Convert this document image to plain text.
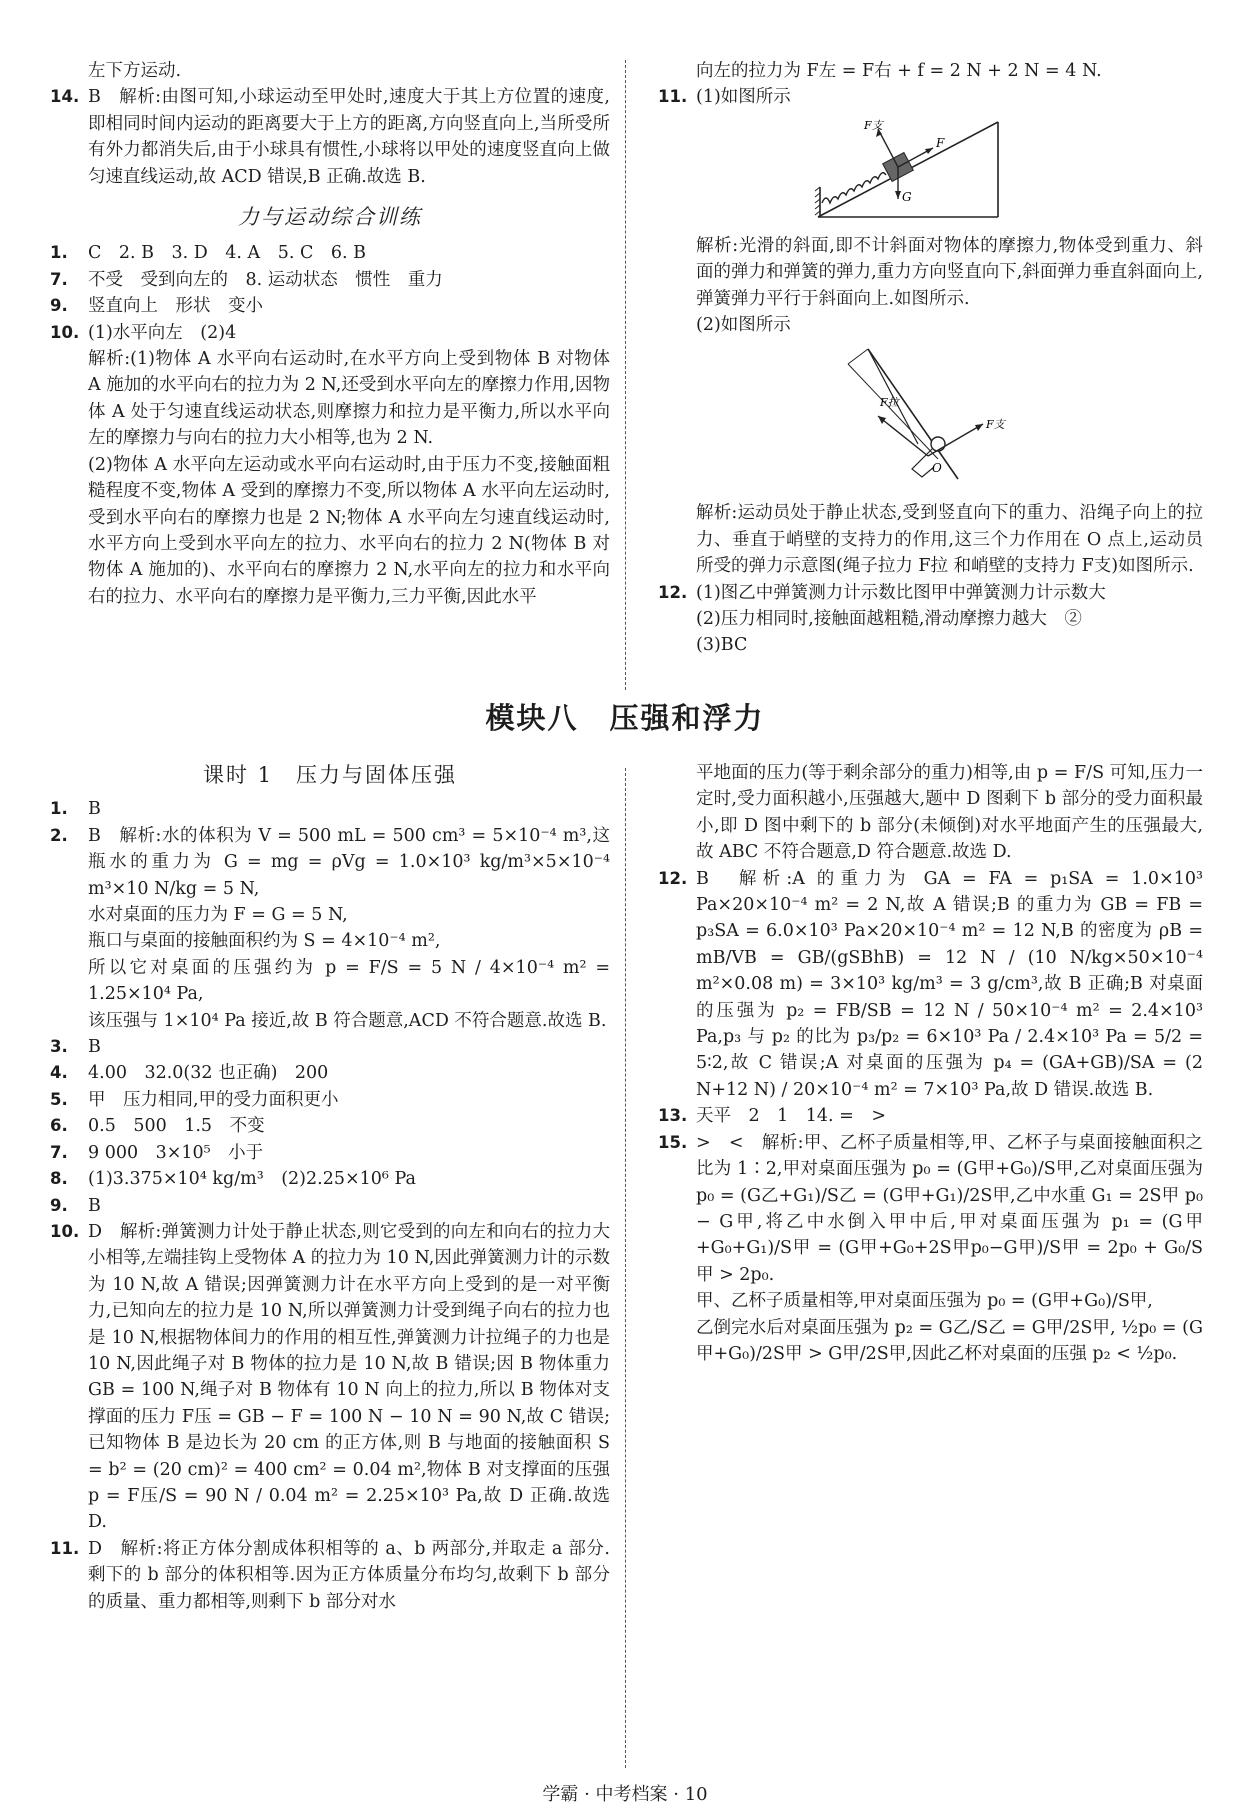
左下方运动.

14. B　解析:由图可知,小球运动至甲处时,速度大于其上方位置的速度,即相同时间内运动的距离要大于上方的距离,方向竖直向上,当所受所有外力都消失后,由于小球具有惯性,小球将以甲处的速度竖直向上做匀速直线运动,故 ACD 错误,B 正确.故选 B.

力与运动综合训练

1. C　2. B　3. D　4. A　5. C　6. B

7. 不受　受到向左的　8. 运动状态　惯性　重力

9. 竖直向上　形状　变小

10. (1)水平向左　(2)4

解析:(1)物体 A 水平向右运动时,在水平方向上受到物体 B 对物体 A 施加的水平向右的拉力为 2 N,还受到水平向左的摩擦力作用,因物体 A 处于匀速直线运动状态,则摩擦力和拉力是平衡力,所以水平向左的摩擦力与向右的拉力大小相等,也为 2 N.

(2)物体 A 水平向左运动或水平向右运动时,由于压力不变,接触面粗糙程度不变,物体 A 受到的摩擦力不变,所以物体 A 水平向左运动时,受到水平向右的摩擦力也是 2 N;物体 A 水平向左匀速直线运动时,水平方向上受到水平向左的拉力、水平向右的拉力 2 N(物体 B 对物体 A 施加的)、水平向右的摩擦力 2 N,水平向左的拉力和水平向右的拉力、水平向右的摩擦力是平衡力,三力平衡,因此水平

向左的拉力为 F左 = F右 + f = 2 N + 2 N = 4 N.

11. (1)如图所示

F支
F
G

解析:光滑的斜面,即不计斜面对物体的摩擦力,物体受到重力、斜面的弹力和弹簧的弹力,重力方向竖直向下,斜面弹力垂直斜面向上,弹簧弹力平行于斜面向上.如图所示.

(2)如图所示

F拉
F支
O

解析:运动员处于静止状态,受到竖直向下的重力、沿绳子向上的拉力、垂直于峭壁的支持力的作用,这三个力作用在 O 点上,运动员所受的弹力示意图(绳子拉力 F拉 和峭壁的支持力 F支)如图所示.

12. (1)图乙中弹簧测力计示数比图甲中弹簧测力计示数大

(2)压力相同时,接触面越粗糙,滑动摩擦力越大　②

(3)BC

模块八　压强和浮力
课时 1　压力与固体压强

1. B

2. B　解析:水的体积为 V = 500 mL = 500 cm³ = 5×10⁻⁴ m³,这瓶水的重力为 G = mg = ρVg = 1.0×10³ kg/m³×5×10⁻⁴ m³×10 N/kg = 5 N,

水对桌面的压力为 F = G = 5 N,

瓶口与桌面的接触面积约为 S = 4×10⁻⁴ m²,

所以它对桌面的压强约为 p = F/S = 5 N / 4×10⁻⁴ m² = 1.25×10⁴ Pa,

该压强与 1×10⁴ Pa 接近,故 B 符合题意,ACD 不符合题意.故选 B.

3. B

4. 4.00　32.0(32 也正确)　200

5. 甲　压力相同,甲的受力面积更小

6. 0.5　500　1.5　不变

7. 9 000　3×10⁵　小于

8. (1)3.375×10⁴ kg/m³　(2)2.25×10⁶ Pa

9. B

10. D　解析:弹簧测力计处于静止状态,则它受到的向左和向右的拉力大小相等,左端挂钩上受物体 A 的拉力为 10 N,因此弹簧测力计的示数为 10 N,故 A 错误;因弹簧测力计在水平方向上受到的是一对平衡力,已知向左的拉力是 10 N,所以弹簧测力计受到绳子向右的拉力也是 10 N,根据物体间力的作用的相互性,弹簧测力计拉绳子的力也是 10 N,因此绳子对 B 物体的拉力是 10 N,故 B 错误;因 B 物体重力 GB = 100 N,绳子对 B 物体有 10 N 向上的拉力,所以 B 物体对支撑面的压力 F压 = GB − F = 100 N − 10 N = 90 N,故 C 错误;已知物体 B 是边长为 20 cm 的正方体,则 B 与地面的接触面积 S = b² = (20 cm)² = 400 cm² = 0.04 m²,物体 B 对支撑面的压强 p = F压/S = 90 N / 0.04 m² = 2.25×10³ Pa,故 D 正确.故选 D.

11. D　解析:将正方体分割成体积相等的 a、b 两部分,并取走 a 部分.剩下的 b 部分的体积相等.因为正方体质量分布均匀,故剩下 b 部分的质量、重力都相等,则剩下 b 部分对水

平地面的压力(等于剩余部分的重力)相等,由 p = F/S 可知,压力一定时,受力面积越小,压强越大,题中 D 图剩下 b 部分的受力面积最小,即 D 图中剩下的 b 部分(未倾倒)对水平地面产生的压强最大,故 ABC 不符合题意,D 符合题意.故选 D.

12. B　解析:A 的重力为 GA = FA = p₁SA = 1.0×10³ Pa×20×10⁻⁴ m² = 2 N,故 A 错误;B 的重力为 GB = FB = p₃SA = 6.0×10³ Pa×20×10⁻⁴ m² = 12 N,B 的密度为 ρB = mB/VB = GB/(gSBhB) = 12 N / (10 N/kg×50×10⁻⁴ m²×0.08 m) = 3×10³ kg/m³ = 3 g/cm³,故 B 正确;B 对桌面的压强为 p₂ = FB/SB = 12 N / 50×10⁻⁴ m² = 2.4×10³ Pa,p₃ 与 p₂ 的比为 p₃/p₂ = 6×10³ Pa / 2.4×10³ Pa = 5/2 = 5∶2,故 C 错误;A 对桌面的压强为 p₄ = (GA+GB)/SA = (2 N+12 N) / 20×10⁻⁴ m² = 7×10³ Pa,故 D 错误.故选 B.

13. 天平　2　1　14. =　>

15. >　<　解析:甲、乙杯子质量相等,甲、乙杯子与桌面接触面积之比为 1∶2,甲对桌面压强为 p₀ = (G甲+G₀)/S甲,乙对桌面压强为 p₀ = (G乙+G₁)/S乙 = (G甲+G₁)/2S甲,乙中水重 G₁ = 2S甲 p₀ − G甲,将乙中水倒入甲中后,甲对桌面压强为 p₁ = (G甲+G₀+G₁)/S甲 = (G甲+G₀+2S甲p₀−G甲)/S甲 = 2p₀ + G₀/S甲 > 2p₀.

甲、乙杯子质量相等,甲对桌面压强为 p₀ = (G甲+G₀)/S甲,

乙倒完水后对桌面压强为 p₂ = G乙/S乙 = G甲/2S甲, ½p₀ = (G甲+G₀)/2S甲 > G甲/2S甲,因此乙杯对桌面的压强 p₂ < ½p₀.

学霸 · 中考档案 · 10
